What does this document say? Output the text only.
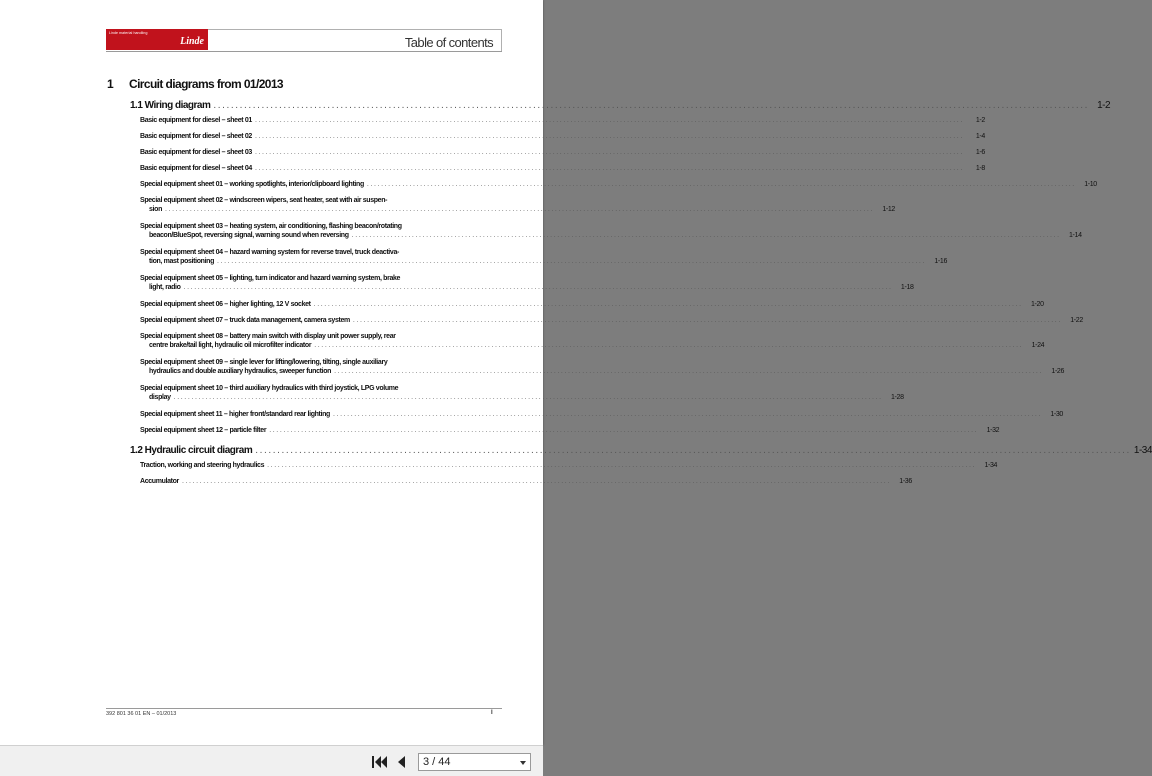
Linde material handling
Linde	Table of contents
1 Circuit diagrams from 01/2013
1.1 Wiring diagram ........................................................................................................................................................................................................ 1-2
Basic equipment for diesel – sheet 01 ........................................................................................................................................................................................................	1-2
Basic equipment for diesel – sheet 02 ........................................................................................................................................................................................................	1-4
Basic equipment for diesel – sheet 03 ........................................................................................................................................................................................................	1-6
Basic equipment for diesel – sheet 04 ........................................................................................................................................................................................................	1-8
Special equipment sheet 01 – working spotlights, interior/clipboard lighting ........................................................................................................................................................................................................	1-10
Special equipment sheet 02 – windscreen wipers, seat heater, seat with air suspen-
sion ........................................................................................................................................................................................................	1-12
Special equipment sheet 03 – heating system, air conditioning, flashing beacon/rotating
beacon/BlueSpot, reversing signal, warning sound when reversing ........................................................................................................................................................................................................	1-14
Special equipment sheet 04 – hazard warning system for reverse travel, truck deactiva-
tion, mast positioning ........................................................................................................................................................................................................	1-16
Special equipment sheet 05 – lighting, turn indicator and hazard warning system, brake
light, radio ........................................................................................................................................................................................................	1-18
Special equipment sheet 06 – higher lighting, 12 V socket ........................................................................................................................................................................................................	1-20
Special equipment sheet 07 – truck data management, camera system ........................................................................................................................................................................................................	1-22
Special equipment sheet 08 – battery main switch with display unit power supply, rear
centre brake/tail light, hydraulic oil microfilter indicator ........................................................................................................................................................................................................	1-24
Special equipment sheet 09 – single lever for lifting/lowering, tilting, single auxiliary
hydraulics and double auxiliary hydraulics, sweeper function ........................................................................................................................................................................................................	1-26
Special equipment sheet 10 – third auxiliary hydraulics with third joystick, LPG volume
display ........................................................................................................................................................................................................	1-28
Special equipment sheet 11 – higher front/standard rear lighting ........................................................................................................................................................................................................	1-30
Special equipment sheet 12 – particle filter ........................................................................................................................................................................................................	1-32
1.2 Hydraulic circuit diagram ........................................................................................................................................................................................................ 1-34
Traction, working and steering hydraulics ........................................................................................................................................................................................................	1-34
Accumulator ........................................................................................................................................................................................................	1-36
392 801 36 01 EN – 01/2013	I
3 / 44
